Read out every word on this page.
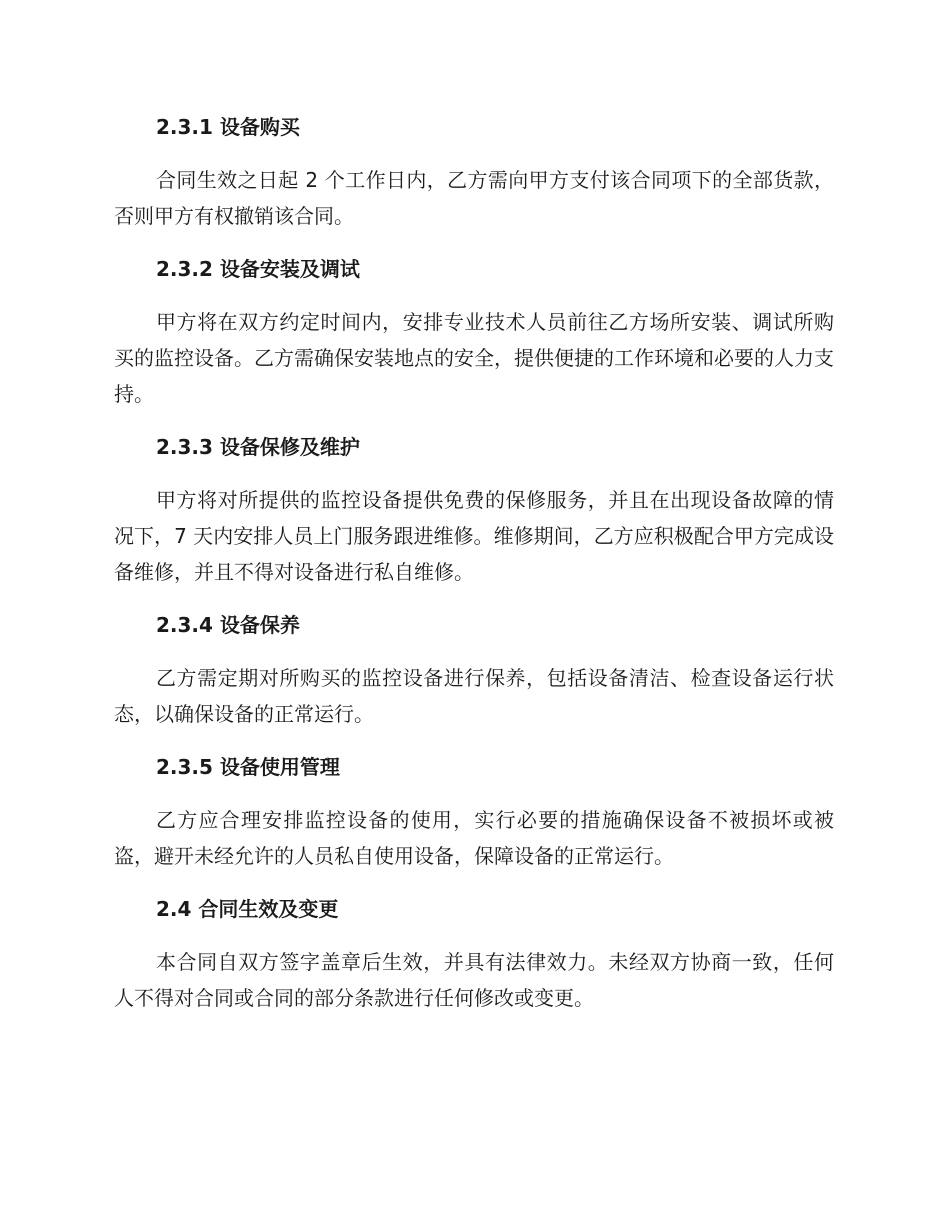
2.3.1 设备购买

合同生效之日起 2 个工作日内，乙方需向甲方支付该合同项下的全部货款，否则甲方有权撤销该合同。

2.3.2 设备安装及调试

甲方将在双方约定时间内，安排专业技术人员前往乙方场所安装、调试所购买的监控设备。乙方需确保安装地点的安全，提供便捷的工作环境和必要的人力支持。

2.3.3 设备保修及维护

甲方将对所提供的监控设备提供免费的保修服务，并且在出现设备故障的情况下，7 天内安排人员上门服务跟进维修。维修期间，乙方应积极配合甲方完成设备维修，并且不得对设备进行私自维修。

2.3.4 设备保养

乙方需定期对所购买的监控设备进行保养，包括设备清洁、检查设备运行状态，以确保设备的正常运行。

2.3.5 设备使用管理

乙方应合理安排监控设备的使用，实行必要的措施确保设备不被损坏或被盗，避开未经允许的人员私自使用设备，保障设备的正常运行。

2.4 合同生效及变更

本合同自双方签字盖章后生效，并具有法律效力。未经双方协商一致，任何人不得对合同或合同的部分条款进行任何修改或变更。
